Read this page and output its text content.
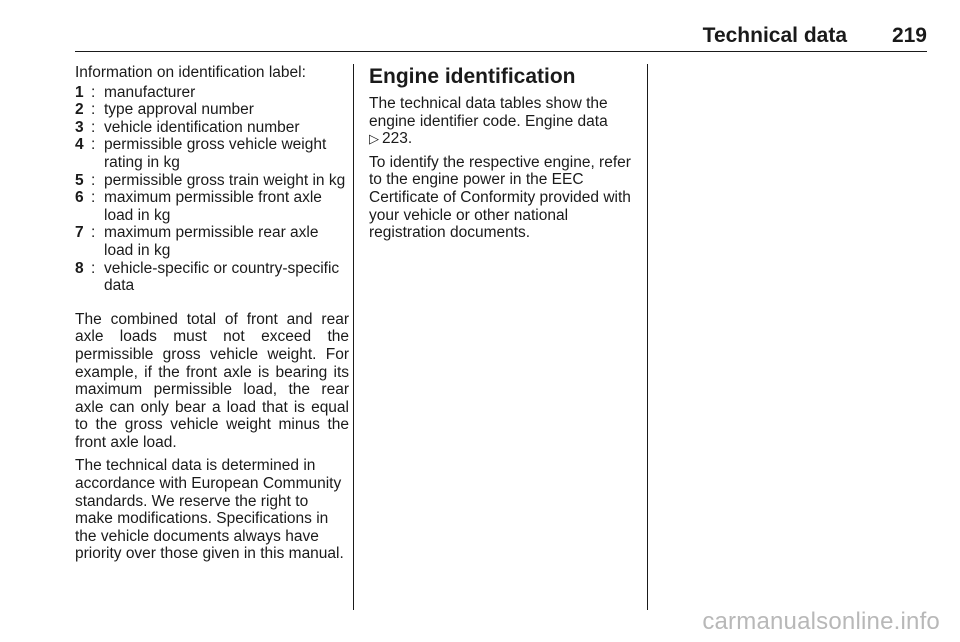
Technical data 219

Information on identification label:

1 : manufacturer
2 : type approval number
3 : vehicle identification number
4 : permissible gross vehicle weight rating in kg
5 : permissible gross train weight in kg
6 : maximum permissible front axle load in kg
7 : maximum permissible rear axle load in kg
8 : vehicle-specific or country-specific data

The combined total of front and rear axle loads must not exceed the permissible gross vehicle weight. For example, if the front axle is bearing its maximum permissible load, the rear axle can only bear a load that is equal to the gross vehicle weight minus the front axle load.

The technical data is determined in accordance with European Community standards. We reserve the right to make modifications. Specifications in the vehicle documents always have priority over those given in this manual.

Engine identification

The technical data tables show the engine identifier code. Engine data
▷ 223.

To identify the respective engine, refer to the engine power in the EEC Certificate of Conformity provided with your vehicle or other national registration documents.

carmanualsonline.info
